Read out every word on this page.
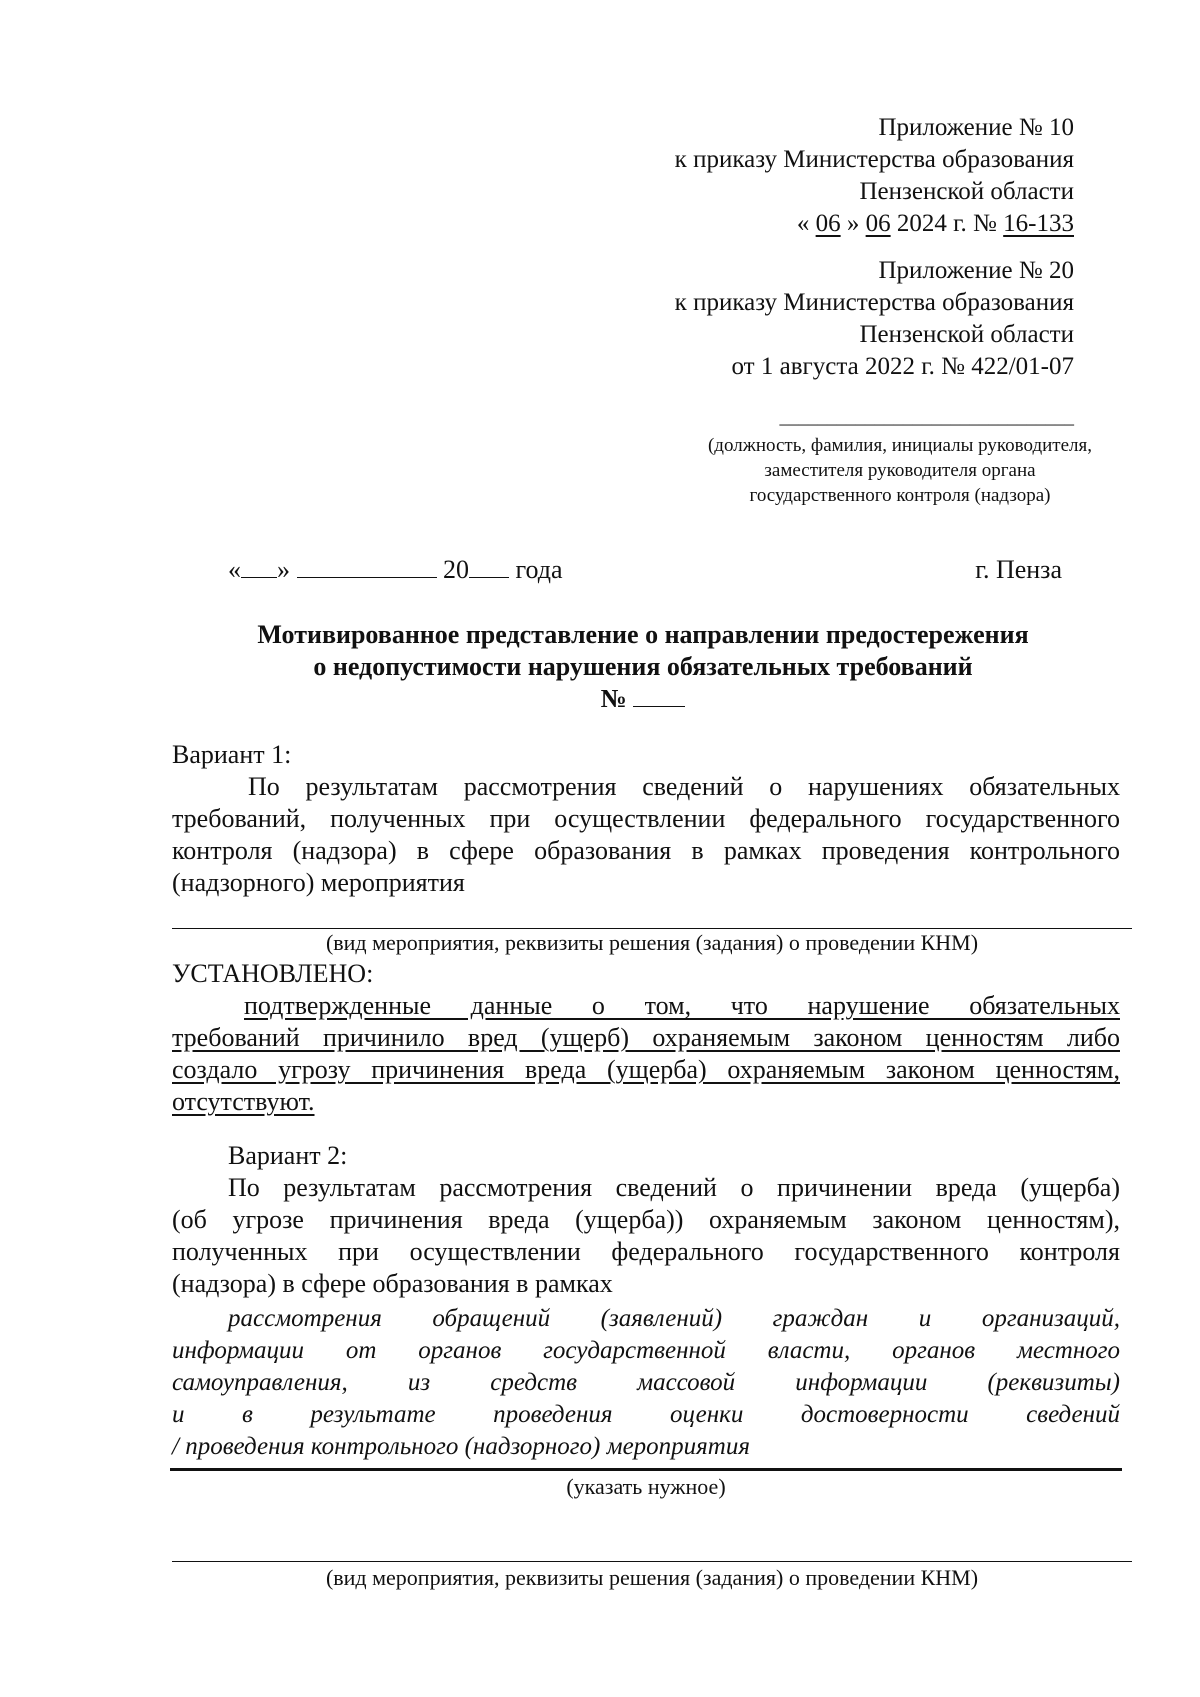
Приложение № 10
к приказу Министерства образования
Пензенской области
« 06 » 06 2024 г. № 16-133
Приложение № 20
к приказу Министерства образования
Пензенской области
от 1 августа 2022 г. № 422/01-07
_______________________________
(должность, фамилия, инициалы руководителя,
заместителя руководителя органа
государственного контроля (надзора)
« »	20 года	г. Пенза
Мотивированное представление о направлении предостережения
о недопустимости нарушения обязательных требований
№
Вариант 1:
По результатам рассмотрения сведений о нарушениях обязательных
требований, полученных при осуществлении федерального государственного
контроля (надзора) в сфере образования в рамках проведения контрольного
(надзорного) мероприятия
(вид мероприятия, реквизиты решения (задания) о проведении КНМ)
УСТАНОВЛЕНО:
подтвержденные данные о том, что нарушение обязательных
требований причинило вред (ущерб) охраняемым законом ценностям либо
создало угрозу причинения вреда (ущерба) охраняемым законом ценностям,
отсутствуют.
Вариант 2:
По результатам рассмотрения сведений о причинении вреда (ущерба)
(об угрозе причинения вреда (ущерба)) охраняемым законом ценностям),
полученных при осуществлении федерального государственного контроля
(надзора) в сфере образования в рамках
рассмотрения обращений (заявлений) граждан и организаций,
информации от органов государственной власти, органов местного
самоуправления, из средств массовой информации (реквизиты)
и в результате проведения оценки достоверности сведений
/ проведения контрольного (надзорного) мероприятия
(указать нужное)
(вид мероприятия, реквизиты решения (задания) о проведении КНМ)
